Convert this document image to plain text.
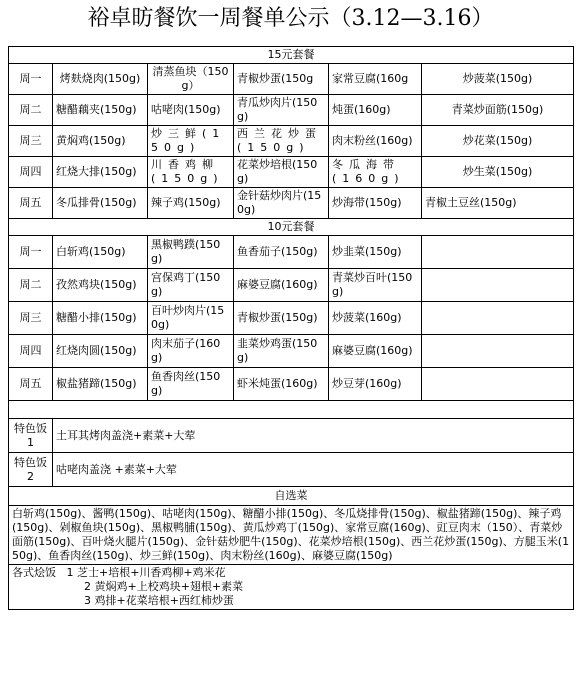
裕卓昉餐饮一周餐单公示（3.12—3.16）
15元套餐					
周一	烤麸烧肉(150g)	清蒸鱼块（150g）	青椒炒蛋(150g	家常豆腐(160g	炒菠菜(150g)
周二	糖醋藕夹(150g)	咕咾肉(150g)	青瓜炒肉片(150g)	炖蛋(160g)	青菜炒面筋(150g)
周三	黄焖鸡(150g)	炒三鲜(150g)	西兰花炒蛋(150g)	肉末粉丝(160g)	炒花菜(150g)
周四	红烧大排(150g)	川香鸡柳(150g)	花菜炒培根(150g)	冬瓜海带(160g)	炒生菜(150g)
周五	冬瓜排骨(150g)	辣子鸡(150g)	金针菇炒肉片(150g)	炒海带(150g)	青椒土豆丝(150g)
10元套餐					
周一	白斩鸡(150g)	黑椒鸭蹼(150g)	鱼香茄子(150g)	炒韭菜(150g)	
周二	孜然鸡块(150g)	宫保鸡丁(150g)	麻婆豆腐(160g)	青菜炒百叶(150g)	
周三	糖醋小排(150g)	百叶炒肉片(150g)	青椒炒蛋(150g)	炒菠菜(160g)	
周四	红烧肉圆(150g)	肉末茄子(160g)	韭菜炒鸡蛋(150g)	麻婆豆腐(160g)	
周五	椒盐猪蹄(150g)	鱼香肉丝(150g)	虾米炖蛋(160g)	炒豆芽(160g)	

特色饭1	土耳其烤肉盖浇+素菜+大荤				
特色饭2	咕咾肉盖浇 +素菜+大荤				
自选菜					
白斩鸡(150g)、酱鸭(150g)、咕咾肉(150g)、糖醋小排(150g)、冬瓜烧排骨(150g)、椒盐猪蹄(150g)、辣子鸡(150g)、剁椒鱼块(150g)、黑椒鸭脯(150g)、黄瓜炒鸡丁(150g)、家常豆腐(160g)、豇豆肉末（150）、青菜炒面筋(150g)、百叶烧火腿片(150g)、金针菇炒肥牛(150g)、花菜炒培根(150g)、西兰花炒蛋(150g)、方腿玉米(150g)、鱼香肉丝(150g)、炒三鲜(150g)、肉末粉丝(160g)、麻婆豆腐(150g)					

各式烩饭 1 芝士+培根+川香鸡柳+鸡米花
2 黄焖鸡+上校鸡块+翅根+素菜
3 鸡排+花菜培根+西红柿炒蛋					
